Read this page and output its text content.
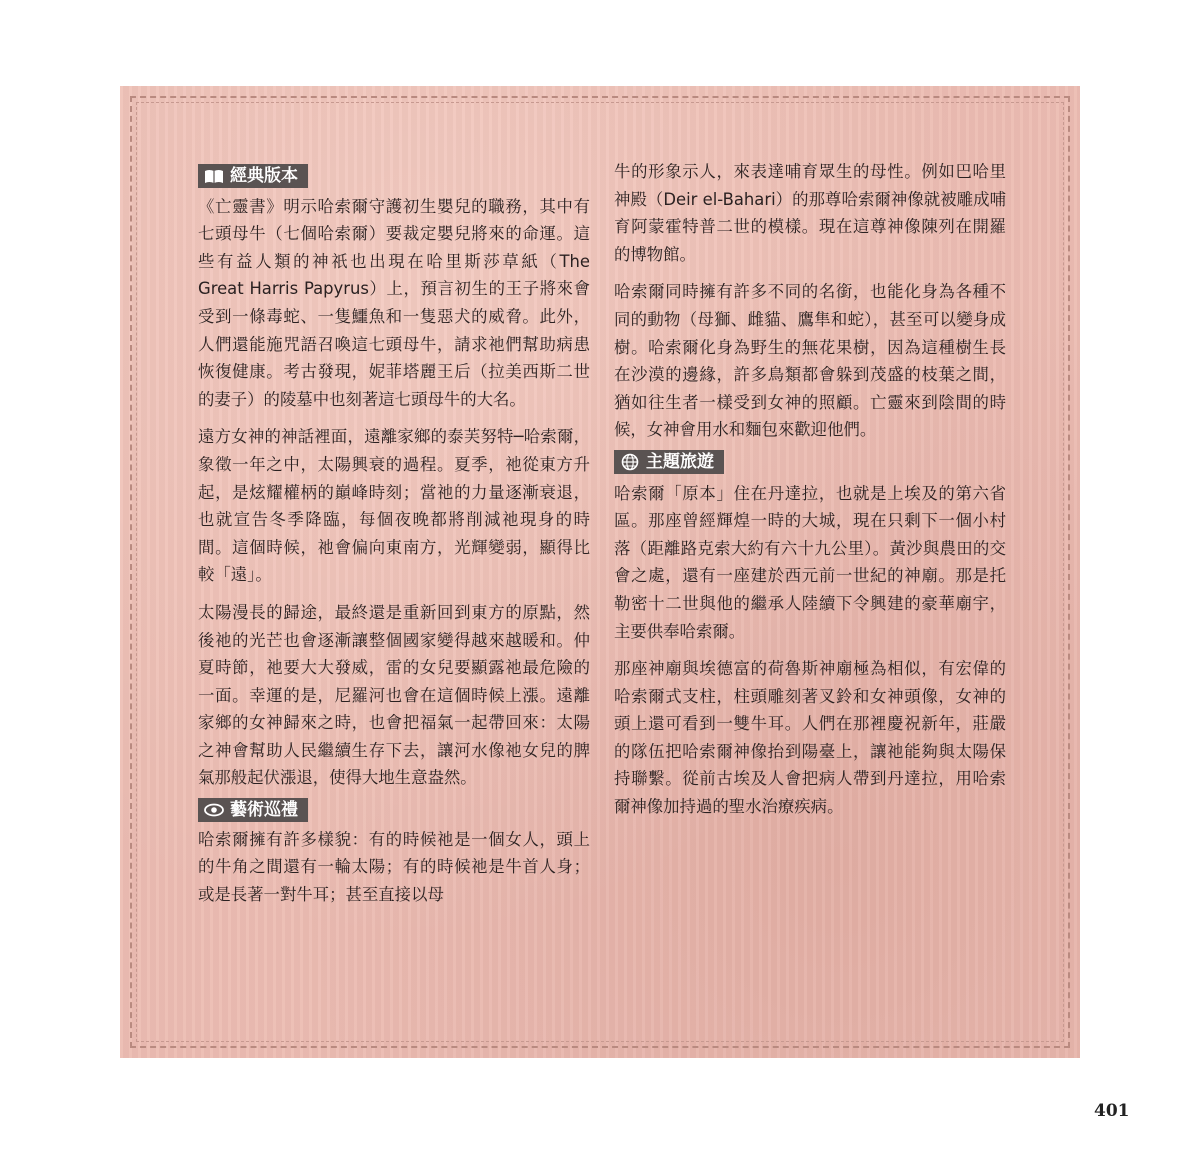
經典版本

《亡靈書》明示哈索爾守護初生嬰兒的職務，其中有七頭母牛（七個哈索爾）要裁定嬰兒將來的命運。這些有益人類的神祇也出現在哈里斯莎草紙（The Great Harris Papyrus）上，預言初生的王子將來會受到一條毒蛇、一隻鱷魚和一隻惡犬的威脅。此外，人們還能施咒語召喚這七頭母牛，請求祂們幫助病患恢復健康。考古發現，妮菲塔麗王后（拉美西斯二世的妻子）的陵墓中也刻著這七頭母牛的大名。

遠方女神的神話裡面，遠離家鄉的泰芙努特─哈索爾，象徵一年之中，太陽興衰的過程。夏季，祂從東方升起，是炫耀權柄的巔峰時刻；當祂的力量逐漸衰退，也就宣告冬季降臨，每個夜晚都將削減祂現身的時間。這個時候，祂會偏向東南方，光輝變弱，顯得比較「遠」。

太陽漫長的歸途，最終還是重新回到東方的原點，然後祂的光芒也會逐漸讓整個國家變得越來越暖和。仲夏時節，祂要大大發威，雷的女兒要顯露祂最危險的一面。幸運的是，尼羅河也會在這個時候上漲。遠離家鄉的女神歸來之時，也會把福氣一起帶回來：太陽之神會幫助人民繼續生存下去，讓河水像祂女兒的脾氣那般起伏漲退，使得大地生意盎然。

藝術巡禮

哈索爾擁有許多樣貌：有的時候祂是一個女人，頭上的牛角之間還有一輪太陽；有的時候祂是牛首人身；或是長著一對牛耳；甚至直接以母

牛的形象示人，來表達哺育眾生的母性。例如巴哈里神殿（Deir el-Bahari）的那尊哈索爾神像就被雕成哺育阿蒙霍特普二世的模樣。現在這尊神像陳列在開羅的博物館。

哈索爾同時擁有許多不同的名銜，也能化身為各種不同的動物（母獅、雌貓、鷹隼和蛇），甚至可以變身成樹。哈索爾化身為野生的無花果樹，因為這種樹生長在沙漠的邊緣，許多鳥類都會躲到茂盛的枝葉之間，猶如往生者一樣受到女神的照顧。亡靈來到陰間的時候，女神會用水和麵包來歡迎他們。

主題旅遊

哈索爾「原本」住在丹達拉，也就是上埃及的第六省區。那座曾經輝煌一時的大城，現在只剩下一個小村落（距離路克索大約有六十九公里）。黃沙與農田的交會之處，還有一座建於西元前一世紀的神廟。那是托勒密十二世與他的繼承人陸續下令興建的豪華廟宇，主要供奉哈索爾。

那座神廟與埃德富的荷魯斯神廟極為相似，有宏偉的哈索爾式支柱，柱頭雕刻著叉鈴和女神頭像，女神的頭上還可看到一雙牛耳。人們在那裡慶祝新年，莊嚴的隊伍把哈索爾神像抬到陽臺上，讓祂能夠與太陽保持聯繫。從前古埃及人會把病人帶到丹達拉，用哈索爾神像加持過的聖水治療疾病。

401
